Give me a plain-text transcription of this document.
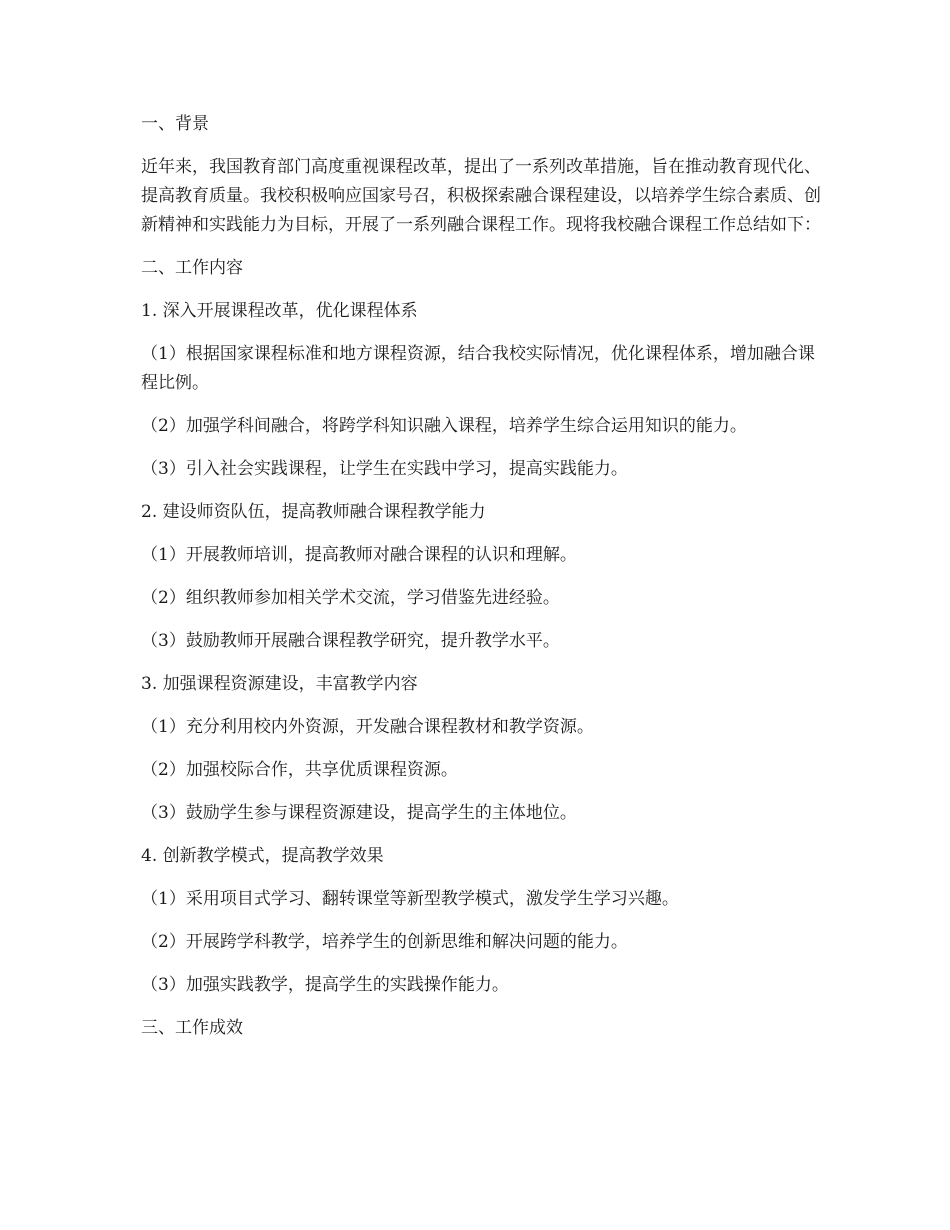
一、背景

近年来，我国教育部门高度重视课程改革，提出了一系列改革措施，旨在推动教育现代化、提高教育质量。我校积极响应国家号召，积极探索融合课程建设，以培养学生综合素质、创新精神和实践能力为目标，开展了一系列融合课程工作。现将我校融合课程工作总结如下：

二、工作内容

1. 深入开展课程改革，优化课程体系

（1）根据国家课程标准和地方课程资源，结合我校实际情况，优化课程体系，增加融合课程比例。

（2）加强学科间融合，将跨学科知识融入课程，培养学生综合运用知识的能力。

（3）引入社会实践课程，让学生在实践中学习，提高实践能力。

2. 建设师资队伍，提高教师融合课程教学能力

（1）开展教师培训，提高教师对融合课程的认识和理解。

（2）组织教师参加相关学术交流，学习借鉴先进经验。

（3）鼓励教师开展融合课程教学研究，提升教学水平。

3. 加强课程资源建设，丰富教学内容

（1）充分利用校内外资源，开发融合课程教材和教学资源。

（2）加强校际合作，共享优质课程资源。

（3）鼓励学生参与课程资源建设，提高学生的主体地位。

4. 创新教学模式，提高教学效果

（1）采用项目式学习、翻转课堂等新型教学模式，激发学生学习兴趣。

（2）开展跨学科教学，培养学生的创新思维和解决问题的能力。

（3）加强实践教学，提高学生的实践操作能力。

三、工作成效
